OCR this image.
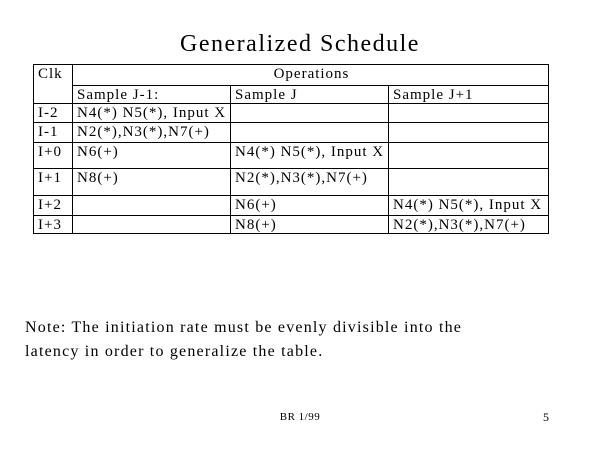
Generalized Schedule
Clk	Operations		
	Sample J-1:	Sample J	Sample J+1
I-2	N4(*) N5(*), Input X		
I-1	N2(*),N3(*),N7(+)		
I+0	N6(+)	N4(*) N5(*), Input X	
I+1	N8(+)	N2(*),N3(*),N7(+)	
I+2		N6(+)	N4(*) N5(*), Input X
I+3		N8(+)	N2(*),N3(*),N7(+)
Note: The initiation rate must be evenly divisible into the latency in order to generalize the table.
BR 1/99	5
